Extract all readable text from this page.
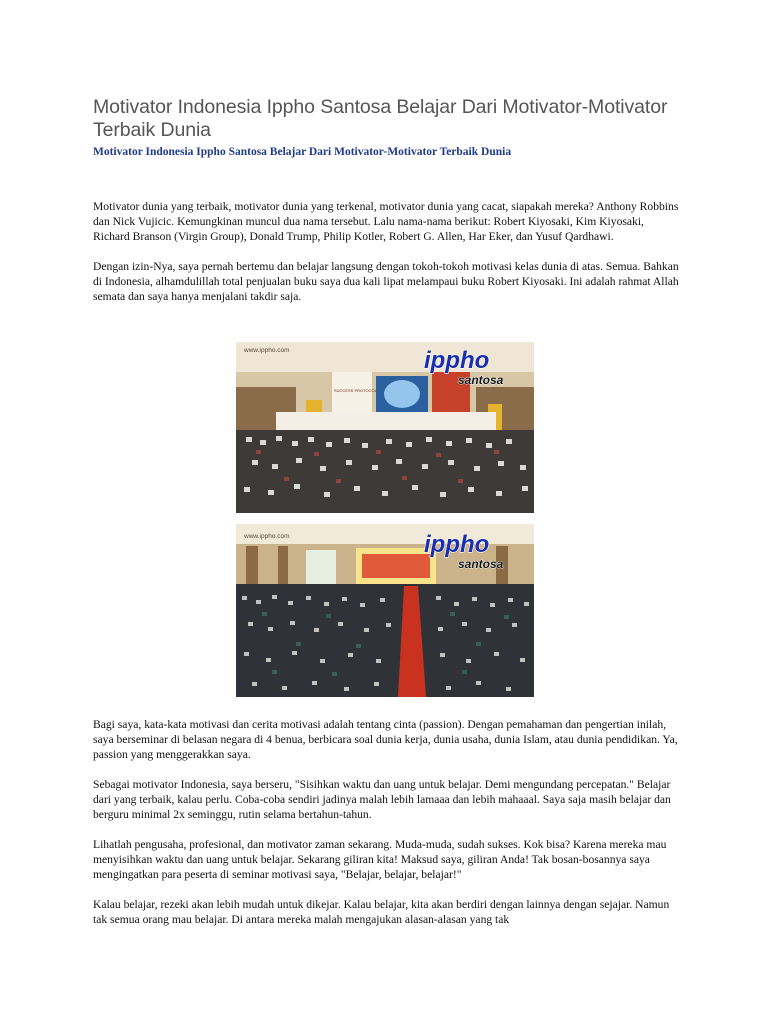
Motivator Indonesia Ippho Santosa Belajar Dari Motivator-Motivator Terbaik Dunia
Motivator Indonesia Ippho Santosa Belajar Dari Motivator-Motivator Terbaik Dunia

Motivator dunia yang terbaik, motivator dunia yang terkenal, motivator dunia yang cacat, siapakah mereka? Anthony Robbins dan Nick Vujicic. Kemungkinan muncul dua nama tersebut. Lalu nama-nama berikut: Robert Kiyosaki, Kim Kiyosaki, Richard Branson (Virgin Group), Donald Trump, Philip Kotler, Robert G. Allen, Har Eker, dan Yusuf Qardhawi.

Dengan izin-Nya, saya pernah bertemu dan belajar langsung dengan tokoh-tokoh motivasi kelas dunia di atas. Semua. Bahkan di Indonesia, alhamdulillah total penjualan buku saya dua kali lipat melampaui buku Robert Kiyosaki. Ini adalah rahmat Allah semata dan saya hanya menjalani takdir saja.

www.ippho.com	ippho
santosa
SUCCESS PROTOCOL
www.ippho.com	ippho
santosa

Bagi saya, kata-kata motivasi dan cerita motivasi adalah tentang cinta (passion). Dengan pemahaman dan pengertian inilah, saya berseminar di belasan negara di 4 benua, berbicara soal dunia kerja, dunia usaha, dunia Islam, atau dunia pendidikan. Ya, passion yang menggerakkan saya.

Sebagai motivator Indonesia, saya berseru, "Sisihkan waktu dan uang untuk belajar. Demi mengundang percepatan." Belajar dari yang terbaik, kalau perlu. Coba-coba sendiri jadinya malah lebih lamaaa dan lebih mahaaal. Saya saja masih belajar dan berguru minimal 2x seminggu, rutin selama bertahun-tahun.

Lihatlah pengusaha, profesional, dan motivator zaman sekarang. Muda-muda, sudah sukses. Kok bisa? Karena mereka mau menyisihkan waktu dan uang untuk belajar. Sekarang giliran kita! Maksud saya, giliran Anda! Tak bosan-bosannya saya mengingatkan para peserta di seminar motivasi saya, "Belajar, belajar, belajar!"

Kalau belajar, rezeki akan lebih mudah untuk dikejar. Kalau belajar, kita akan berdiri dengan lainnya dengan sejajar. Namun tak semua orang mau belajar. Di antara mereka malah mengajukan alasan-alasan yang tak
